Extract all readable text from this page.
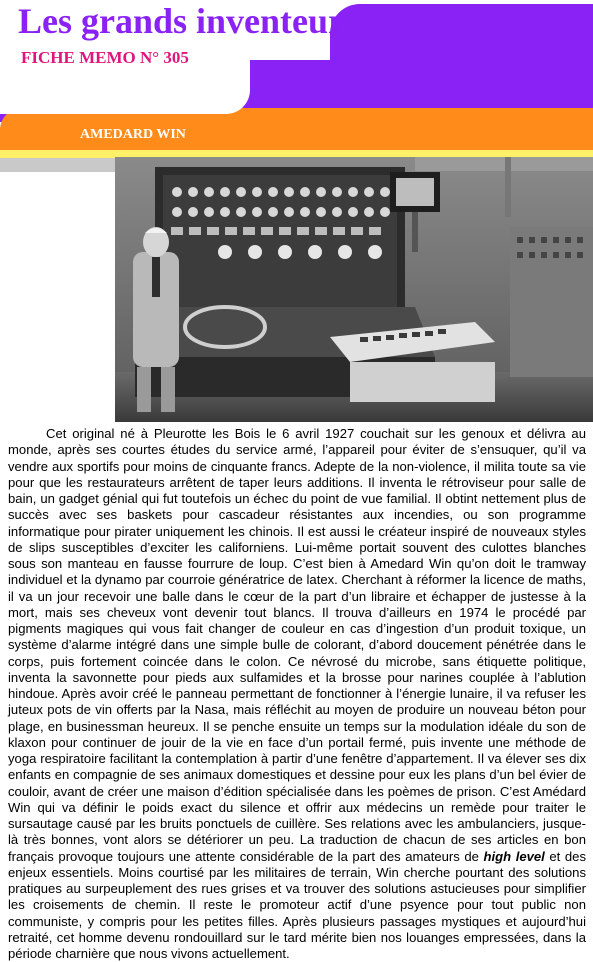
Les grands inventeurs
FICHE MEMO N° 305
AMEDARD WIN

Cet original né à Pleurotte les Bois le 6 avril 1927 couchait sur les genoux et délivra au monde, après ses courtes études du service armé, l’appareil pour éviter de s’ensuquer, qu’il va vendre aux sportifs pour moins de cinquante francs. Adepte de la non-violence, il milita toute sa vie pour que les restaurateurs arrêtent de taper leurs additions. Il inventa le rétroviseur pour salle de bain, un gadget génial qui fut toutefois un échec du point de vue familial. Il obtint nettement plus de succès avec ses baskets pour cascadeur résistantes aux incendies, ou son programme informatique pour pirater uniquement les chinois. Il est aussi le créateur inspiré de nouveaux styles de slips susceptibles d’exciter les californiens. Lui-même portait souvent des culottes blanches sous son manteau en fausse fourrure de loup. C’est bien à Amedard Win qu’on doit le tramway individuel et la dynamo par courroie génératrice de latex. Cherchant à réformer la licence de maths, il va un jour recevoir une balle dans le cœur de la part d’un libraire et échapper de justesse à la mort, mais ses cheveux vont devenir tout blancs. Il trouva d’ailleurs en 1974 le procédé par pigments magiques qui vous fait changer de couleur en cas d’ingestion d’un produit toxique, un système d’alarme intégré dans une simple bulle de colorant, d’abord doucement pénétrée dans le corps, puis fortement coincée dans le colon. Ce névrosé du microbe, sans étiquette politique, inventa la savonnette pour pieds aux sulfamides et la brosse pour narines couplée à l’ablution hindoue. Après avoir créé le panneau permettant de fonctionner à l’énergie lunaire, il va refuser les juteux pots de vin offerts par la Nasa, mais réfléchit au moyen de produire un nouveau béton pour plage, en businessman heureux. Il se penche ensuite un temps sur la modulation idéale du son de klaxon pour continuer de jouir de la vie en face d’un portail fermé, puis invente une méthode de yoga respiratoire facilitant la contemplation à partir d’une fenêtre d’appartement. Il va élever ses dix enfants en compagnie de ses animaux domestiques et dessine pour eux les plans d’un bel évier de couloir, avant de créer une maison d’édition spécialisée dans les poèmes de prison. C’est Amédard Win qui va définir le poids exact du silence et offrir aux médecins un remède pour traiter le sursautage causé par les bruits ponctuels de cuillère. Ses relations avec les ambulanciers, jusque-là très bonnes, vont alors se détériorer un peu. La traduction de chacun de ses articles en bon français provoque toujours une attente considérable de la part des amateurs de high level et des enjeux essentiels. Moins courtisé par les militaires de terrain, Win cherche pourtant des solutions pratiques au surpeuplement des rues grises et va trouver des solutions astucieuses pour simplifier les croisements de chemin. Il reste le promoteur actif d’une psyence pour tout public non communiste, y compris pour les petites filles. Après plusieurs passages mystiques et aujourd’hui retraité, cet homme devenu rondouillard sur le tard mérite bien nos louanges empressées, dans la période charnière que nous vivons actuellement.
